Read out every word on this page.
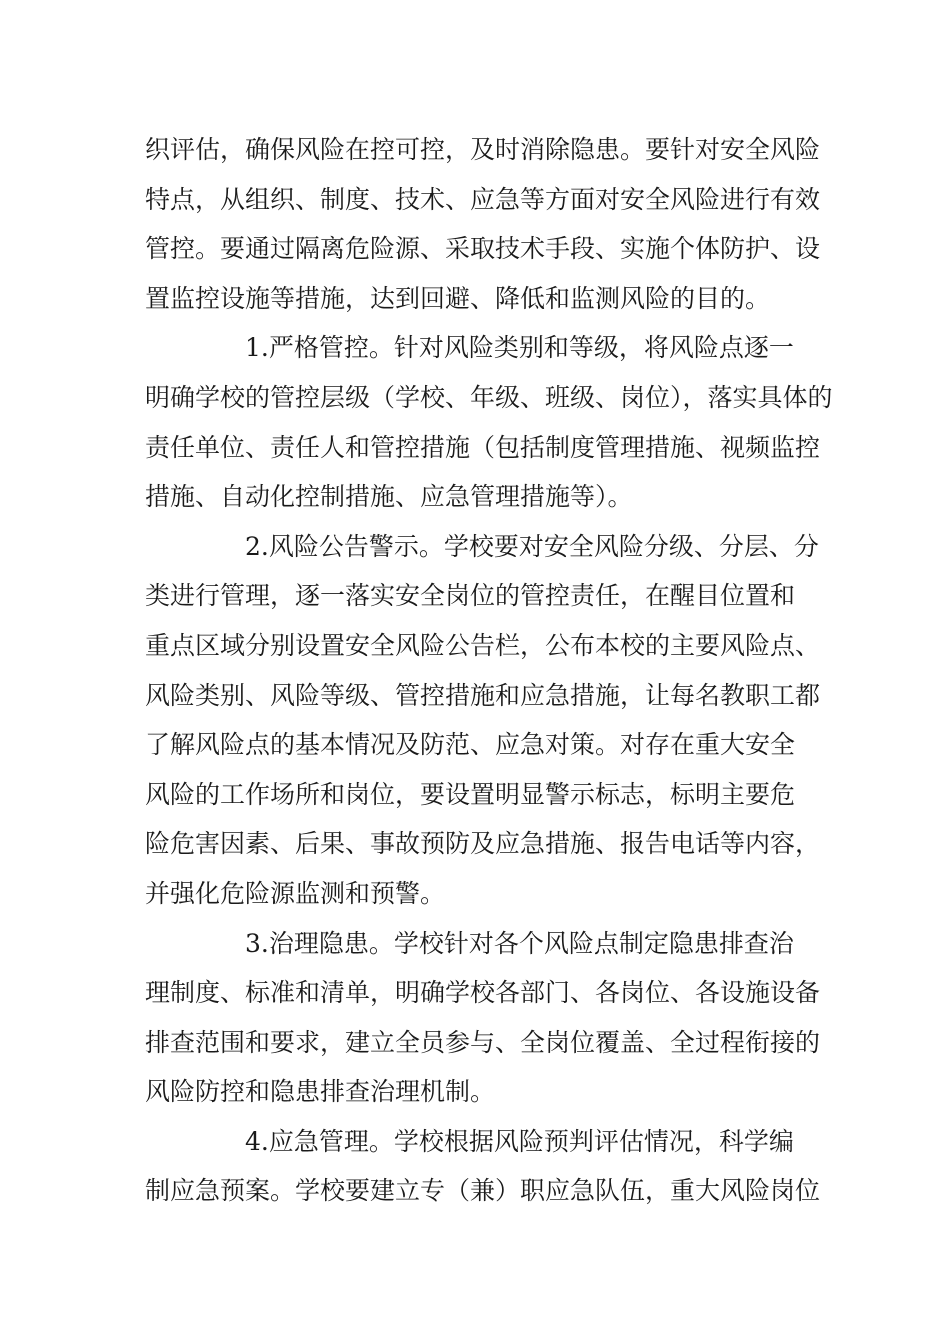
织评估，确保风险在控可控，及时消除隐患。要针对安全风险
特点，从组织、制度、技术、应急等方面对安全风险进行有效
管控。要通过隔离危险源、采取技术手段、实施个体防护、设
置监控设施等措施，达到回避、降低和监测风险的目的。

1.严格管控。针对风险类别和等级，将风险点逐一
明确学校的管控层级（学校、年级、班级、岗位），落实具体的
责任单位、责任人和管控措施（包括制度管理措施、视频监控
措施、自动化控制措施、应急管理措施等）。

2.风险公告警示。学校要对安全风险分级、分层、分
类进行管理，逐一落实安全岗位的管控责任，在醒目位置和
重点区域分别设置安全风险公告栏，公布本校的主要风险点、
风险类别、风险等级、管控措施和应急措施，让每名教职工都
了解风险点的基本情况及防范、应急对策。对存在重大安全
风险的工作场所和岗位，要设置明显警示标志，标明主要危
险危害因素、后果、事故预防及应急措施、报告电话等内容，
并强化危险源监测和预警。

3.治理隐患。学校针对各个风险点制定隐患排查治
理制度、标准和清单，明确学校各部门、各岗位、各设施设备
排查范围和要求，建立全员参与、全岗位覆盖、全过程衔接的
风险防控和隐患排查治理机制。

4.应急管理。学校根据风险预判评估情况，科学编
制应急预案。学校要建立专（兼）职应急队伍，重大风险岗位
